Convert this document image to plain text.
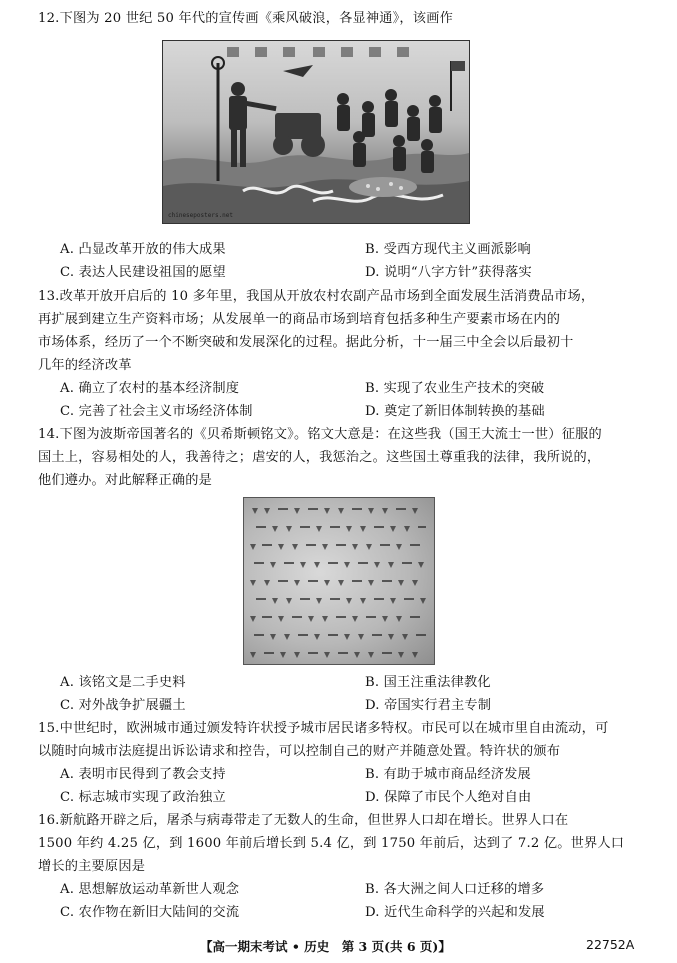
12.下图为 20 世纪 50 年代的宣传画《乘风破浪，各显神通》，该画作
chineseposters.net
A. 凸显改革开放的伟大成果	B. 受西方现代主义画派影响
C. 表达人民建设祖国的愿望	D. 说明“八字方针”获得落实
13.改革开放开启后的 10 多年里，我国从开放农村农副产品市场到全面发展生活消费品市场，
再扩展到建立生产资料市场；从发展单一的商品市场到培育包括多种生产要素市场在内的
市场体系，经历了一个不断突破和发展深化的过程。据此分析，十一届三中全会以后最初十
几年的经济改革
A. 确立了农村的基本经济制度	B. 实现了农业生产技术的突破
C. 完善了社会主义市场经济体制	D. 奠定了新旧体制转换的基础
14.下图为波斯帝国著名的《贝希斯顿铭文》。铭文大意是：在这些我（国王大流士一世）征服的
国土上，容易相处的人，我善待之；虐安的人，我惩治之。这些国土尊重我的法律，我所说的，
他们遵办。对此解释正确的是
A. 该铭文是二手史料	B. 国王注重法律教化
C. 对外战争扩展疆土	D. 帝国实行君主专制
15.中世纪时，欧洲城市通过颁发特许状授予城市居民诸多特权。市民可以在城市里自由流动，可
以随时向城市法庭提出诉讼请求和控告，可以控制自己的财产并随意处置。特许状的颁布
A. 表明市民得到了教会支持	B. 有助于城市商品经济发展
C. 标志城市实现了政治独立	D. 保障了市民个人绝对自由
16.新航路开辟之后，屠杀与病毒带走了无数人的生命，但世界人口却在增长。世界人口在
1500 年约 4.25 亿，到 1600 年前后增长到 5.4 亿，到 1750 年前后，达到了 7.2 亿。世界人口
增长的主要原因是
A. 思想解放运动革新世人观念	B. 各大洲之间人口迁移的增多
C. 农作物在新旧大陆间的交流	D. 近代生命科学的兴起和发展
【高一期末考试 • 历史　第 3 页(共 6 页)】	22752A
